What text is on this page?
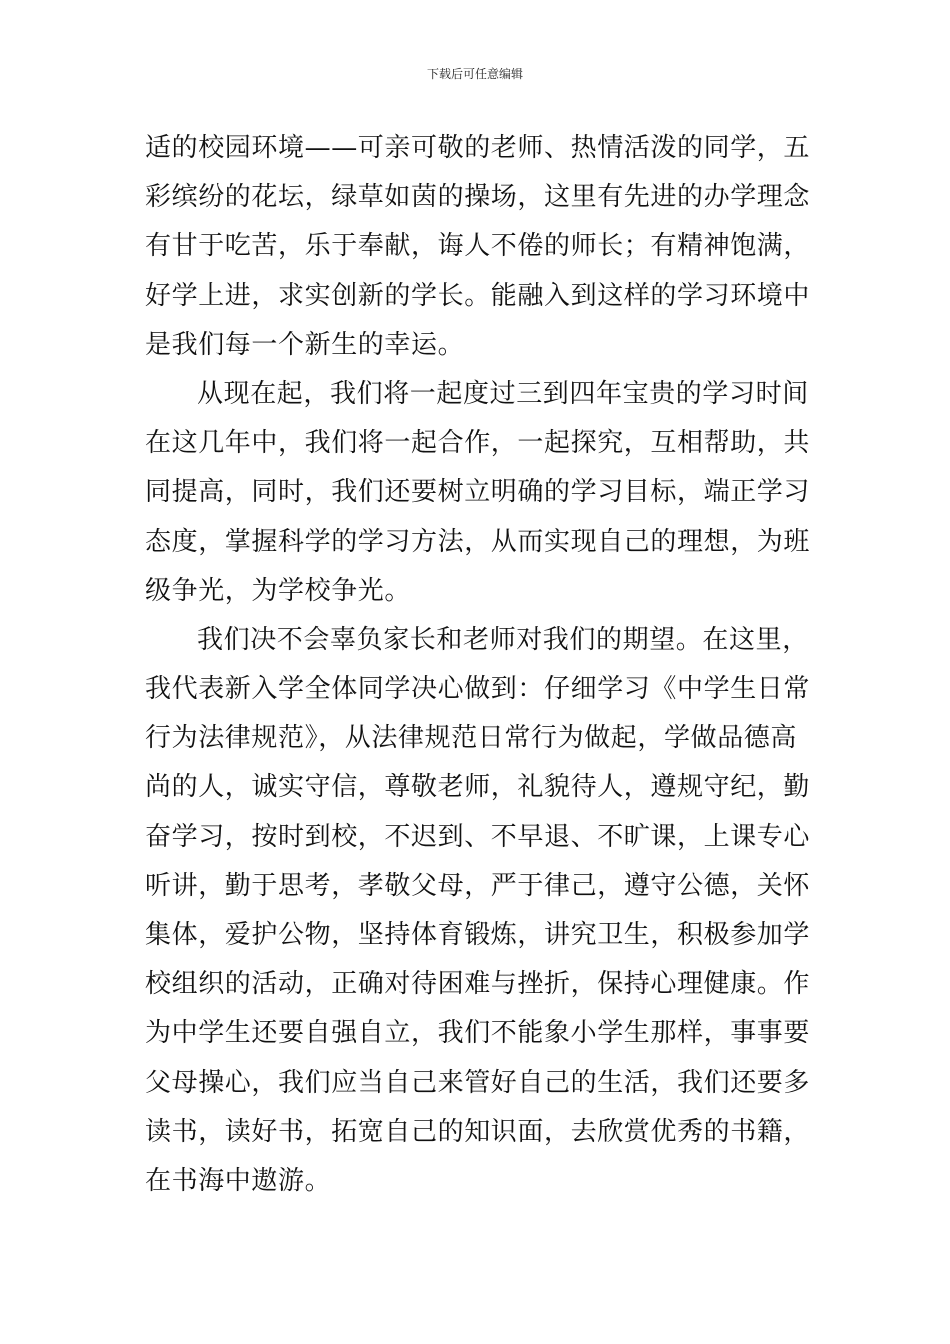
下载后可任意编辑
适的校园环境——可亲可敬的老师、热情活泼的同学，五
彩缤纷的花坛，绿草如茵的操场，这里有先进的办学理念
有甘于吃苦，乐于奉献，诲人不倦的师长；有精神饱满，
好学上进，求实创新的学长。能融入到这样的学习环境中
是我们每一个新生的幸运。
从现在起，我们将一起度过三到四年宝贵的学习时间
在这几年中，我们将一起合作，一起探究，互相帮助，共
同提高，同时，我们还要树立明确的学习目标，端正学习
态度，掌握科学的学习方法，从而实现自己的理想，为班
级争光，为学校争光。
我们决不会辜负家长和老师对我们的期望。在这里，
我代表新入学全体同学决心做到：仔细学习《中学生日常
行为法律规范》，从法律规范日常行为做起，学做品德高
尚的人，诚实守信，尊敬老师，礼貌待人，遵规守纪，勤
奋学习，按时到校，不迟到、不早退、不旷课，上课专心
听讲，勤于思考，孝敬父母，严于律己，遵守公德，关怀
集体，爱护公物，坚持体育锻炼，讲究卫生，积极参加学
校组织的活动，正确对待困难与挫折，保持心理健康。作
为中学生还要自强自立，我们不能象小学生那样，事事要
父母操心，我们应当自己来管好自己的生活，我们还要多
读书，读好书，拓宽自己的知识面，去欣赏优秀的书籍，
在书海中遨游。
